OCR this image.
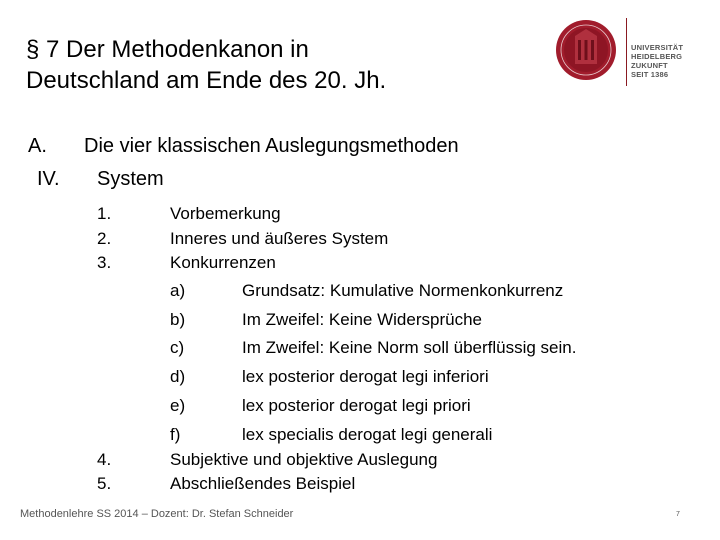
§ 7 Der Methodenkanon in
Deutschland am Ende des 20. Jh.
UNIVERSITÄT
HEIDELBERG
ZUKUNFT
SEIT 1386
A. Die vier klassischen Auslegungsmethoden
IV. System
1.	Vorbemerkung
2.	Inneres und äußeres System
3.	Konkurrenzen
a)	Grundsatz: Kumulative Normenkonkurrenz
b)	Im Zweifel: Keine Widersprüche
c)	Im Zweifel: Keine Norm soll überflüssig sein.
d)	lex posterior derogat legi inferiori
e)	lex posterior derogat legi priori
f)	lex specialis derogat legi generali
4.	Subjektive und objektive Auslegung
5.	Abschließendes Beispiel
Methodenlehre SS 2014 – Dozent: Dr. Stefan Schneider	7
